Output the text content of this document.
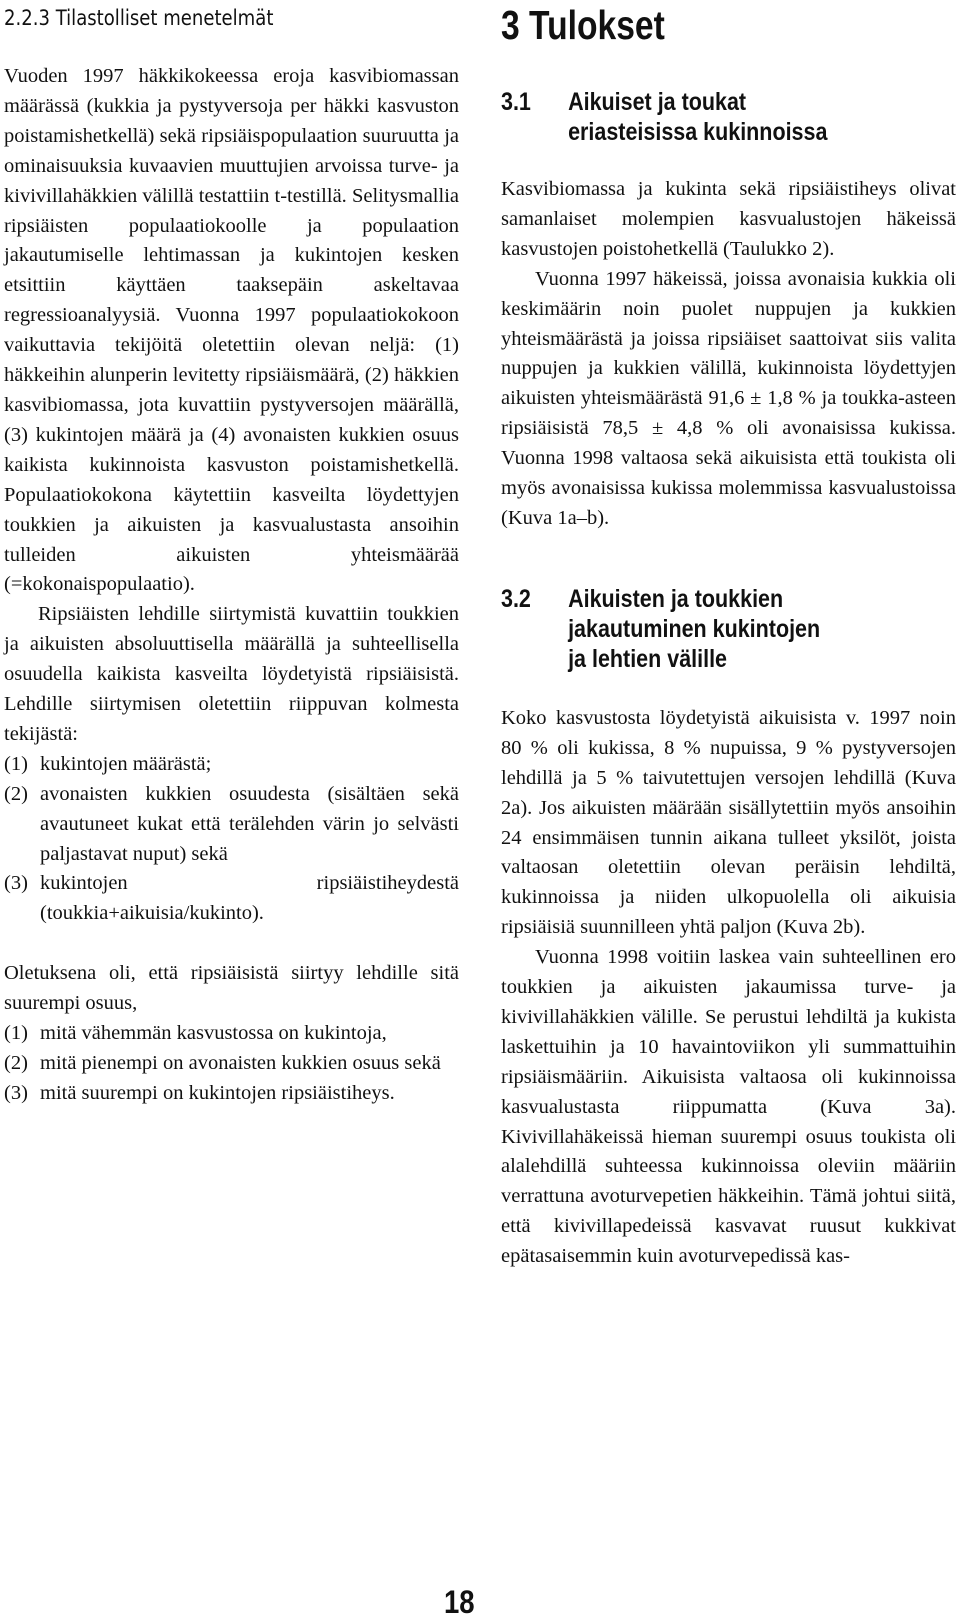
2.2.3 Tilastolliset menetelmät

Vuoden 1997 häkkikokeessa eroja kasvibiomassan määrässä (kukkia ja pystyversoja per häkki kasvuston poistamishetkellä) sekä ripsiäispopulaation suuruutta ja ominaisuuksia kuvaavien muuttujien arvoissa turve- ja kivivillahäkkien välillä testattiin t-testillä. Selitysmallia ripsiäisten populaatiokoolle ja populaation jakautumiselle lehtimassan ja kukintojen kesken etsittiin käyttäen taaksepäin askeltavaa regressioanalyysiä. Vuonna 1997 populaatiokokoon vaikuttavia tekijöitä oletettiin olevan neljä: (1) häkkeihin alunperin levitetty ripsiäismäärä, (2) häkkien kasvibiomassa, jota kuvattiin pystyversojen määrällä, (3) kukintojen määrä ja (4) avonaisten kukkien osuus kaikista kukinnoista kasvuston poistamishetkellä. Populaatiokokona käytettiin kasveilta löydettyjen toukkien ja aikuisten ja kasvualustasta ansoihin tulleiden aikuisten yhteismäärää (=kokonaispopulaatio).

Ripsiäisten lehdille siirtymistä kuvattiin toukkien ja aikuisten absoluuttisella määrällä ja suhteellisella osuudella kaikista kasveilta löydetyistä ripsiäisistä. Lehdille siirtymisen oletettiin riippuvan kolmesta tekijästä:

(1) kukintojen määrästä;
(2) avonaisten kukkien osuudesta (sisältäen sekä avautuneet kukat että terälehden värin jo selvästi paljastavat nuput) sekä
(3) kukintojen ripsiäistiheydestä (toukkia+aikuisia/kukinto).

Oletuksena oli, että ripsiäisistä siirtyy lehdille sitä suurempi osuus,

(1) mitä vähemmän kasvustossa on kukintoja,
(2) mitä pienempi on avonaisten kukkien osuus sekä
(3) mitä suurempi on kukintojen ripsiäistiheys.
3 Tulokset
3.1	Aikuiset ja toukat
eriasteisissa kukinnoissa

Kasvibiomassa ja kukinta sekä ripsiäistiheys olivat samanlaiset molempien kasvualustojen häkeissä kasvustojen poistohetkellä (Taulukko 2).

Vuonna 1997 häkeissä, joissa avonaisia kukkia oli keskimäärin noin puolet nuppujen ja kukkien yhteismäärästä ja joissa ripsiäiset saattoivat siis valita nuppujen ja kukkien välillä, kukinnoista löydettyjen aikuisten yhteismäärästä 91,6 ± 1,8 % ja toukka-asteen ripsiäisistä 78,5 ± 4,8 % oli avonaisissa kukissa. Vuonna 1998 valtaosa sekä aikuisista että toukista oli myös avonaisissa kukissa molemmissa kasvualustoissa (Kuva 1a–b).

3.2	Aikuisten ja toukkien
jakautuminen kukintojen
ja lehtien välille

Koko kasvustosta löydetyistä aikuisista v. 1997 noin 80 % oli kukissa, 8 % nupuissa, 9 % pystyversojen lehdillä ja 5 % taivutettujen versojen lehdillä (Kuva 2a). Jos aikuisten määrään sisällytettiin myös ansoihin 24 ensimmäisen tunnin aikana tulleet yksilöt, joista valtaosan oletettiin olevan peräisin lehdiltä, kukinnoissa ja niiden ulkopuolella oli aikuisia ripsiäisiä suunnilleen yhtä paljon (Kuva 2b).

Vuonna 1998 voitiin laskea vain suhteellinen ero toukkien ja aikuisten jakaumissa turve- ja kivivillahäkkien välille. Se perustui lehdiltä ja kukista laskettuihin ja 10 havaintoviikon yli summattuihin ripsiäismääriin. Aikuisista valtaosa oli kukinnoissa kasvualustasta riippumatta (Kuva 3a). Kivivillahäkeissä hieman suurempi osuus toukista oli alalehdillä suhteessa kukinnoissa oleviin määriin verrattuna avoturvepetien häkkeihin. Tämä johtui siitä, että kivivillapedeissä kasvavat ruusut kukkivat epätasaisemmin kuin avoturvepedissä kas-

18
